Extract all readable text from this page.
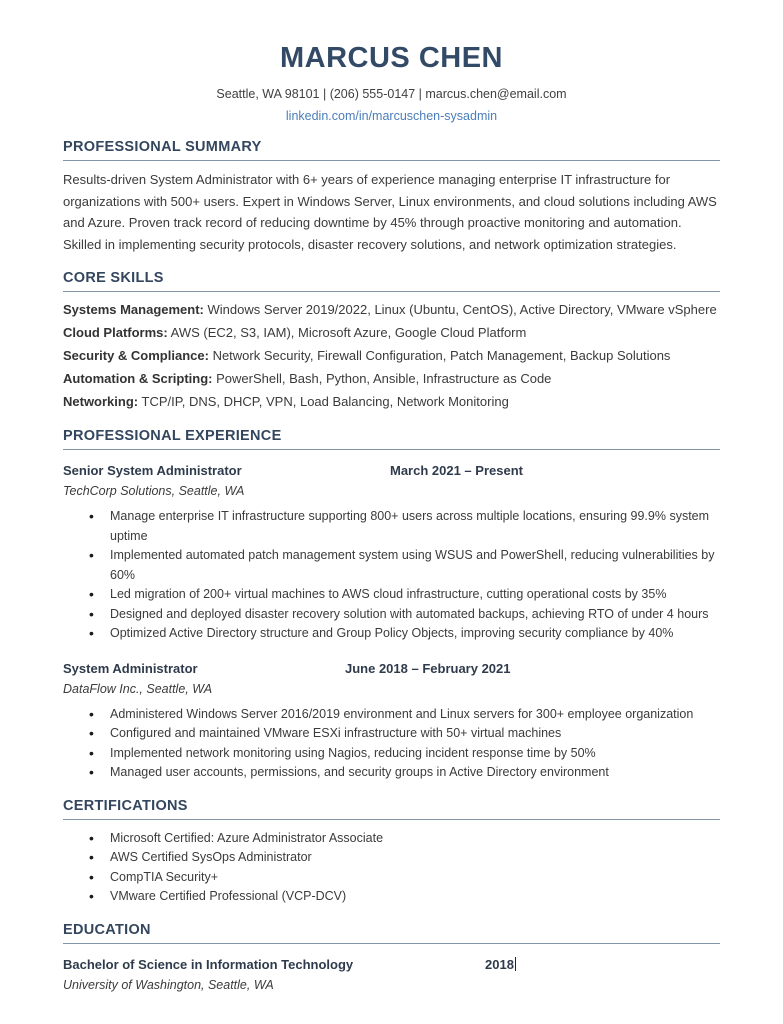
MARCUS CHEN
Seattle, WA 98101 | (206) 555-0147 | marcus.chen@email.com
linkedin.com/in/marcuschen-sysadmin
PROFESSIONAL SUMMARY

Results-driven System Administrator with 6+ years of experience managing enterprise IT infrastructure for organizations with 500+ users. Expert in Windows Server, Linux environments, and cloud solutions including AWS and Azure. Proven track record of reducing downtime by 45% through proactive monitoring and automation. Skilled in implementing security protocols, disaster recovery solutions, and network optimization strategies.

CORE SKILLS

Systems Management: Windows Server 2019/2022, Linux (Ubuntu, CentOS), Active Directory, VMware vSphere

Cloud Platforms: AWS (EC2, S3, IAM), Microsoft Azure, Google Cloud Platform

Security & Compliance: Network Security, Firewall Configuration, Patch Management, Backup Solutions

Automation & Scripting: PowerShell, Bash, Python, Ansible, Infrastructure as Code

Networking: TCP/IP, DNS, DHCP, VPN, Load Balancing, Network Monitoring

PROFESSIONAL EXPERIENCE
Senior System Administrator	March 2021 – Present
TechCorp Solutions, Seattle, WA
• Manage enterprise IT infrastructure supporting 800+ users across multiple locations, ensuring 99.9% system uptime
• Implemented automated patch management system using WSUS and PowerShell, reducing vulnerabilities by 60%
• Led migration of 200+ virtual machines to AWS cloud infrastructure, cutting operational costs by 35%
• Designed and deployed disaster recovery solution with automated backups, achieving RTO of under 4 hours
• Optimized Active Directory structure and Group Policy Objects, improving security compliance by 40%
System Administrator	June 2018 – February 2021
DataFlow Inc., Seattle, WA
• Administered Windows Server 2016/2019 environment and Linux servers for 300+ employee organization
• Configured and maintained VMware ESXi infrastructure with 50+ virtual machines
• Implemented network monitoring using Nagios, reducing incident response time by 50%
• Managed user accounts, permissions, and security groups in Active Directory environment
CERTIFICATIONS
• Microsoft Certified: Azure Administrator Associate
• AWS Certified SysOps Administrator
• CompTIA Security+
• VMware Certified Professional (VCP-DCV)
EDUCATION
Bachelor of Science in Information Technology	2018
University of Washington, Seattle, WA
